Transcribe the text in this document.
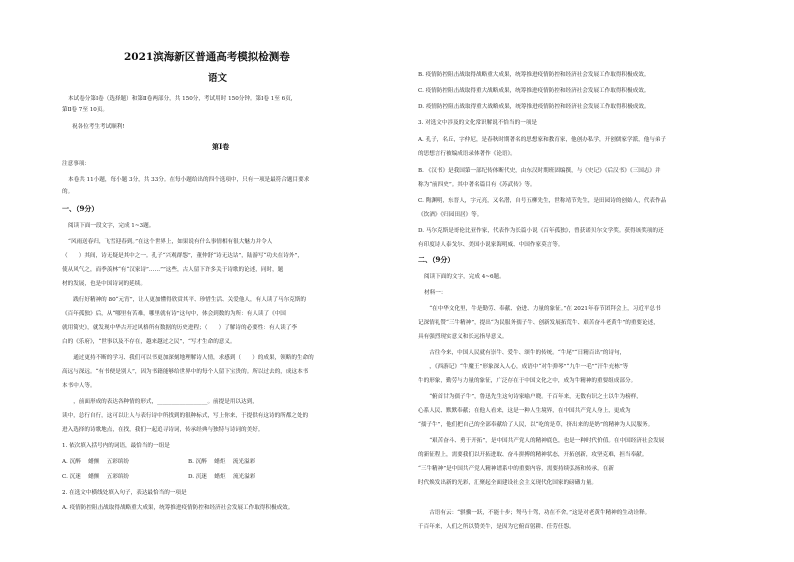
2021滨海新区普通高考模拟检测卷
语文
本试卷分第Ⅰ卷（选择题）和第Ⅱ卷两部分，共 150分，考试用时 150分钟。第Ⅰ卷 1至 6页，
第Ⅱ卷 7至 10页。
祝各位考生考试顺利!
第Ⅰ卷
注意事项：
本卷共 11小题，每小题 3分，共 33分。在每小题给出的四个选项中，只有一项是最符合题目要求
的。
一、（9分）
阅读下面一段文字，完成 1~3题。
“风雨送春归，飞雪迎春到。”在这个世界上，如果说有什么事情相有很大魅力并令人
（　　）其间，诗无疑是其中之一。孔子“兴观群怨”，董仲舒“诗无达诂”，陆游写“功夫在诗外”，
使从风气之，而季羡林“有“汉家诗”……””这些，古人留下许多关于诗歌的论述，同时，题
材的发展，也是中国诗词的延续。
　　践行好精神的 80“元宵”，让人更加懂得欣赏其平、珍惜生活、关爱他人，有人读了马尔克斯的
《百年孤独》后，从“哪里有苦难，哪里就有诗”这句中，体会到数的为所：有人读了《中国
就用简史》，就发现中华古开过风格所有数据的历史进程；（　　）了解诗的必要性：有人读了李
白的《乐府》，“世事以及不存在，越来越过之民”，“写才生命的意义。
　　通过更持不断的学习、我们可以书更加深刻地理解诗人情，求感到（　　）的成果，领略的生命的
高远与深远。“有书便是别人”，因为书籍能够给世界中的每个人留下宝贵的。所以过去的，成这本书
本书中人等。
　　，前面形成的表达各种情的形式，__________________。前提是用以达到，
读中，总行自行，这可以让人与表行诗中所找到的很种标式，写上你来，于提供有这诗的所都之处的
进入选择的诗歌地点，在找，我们一起追寻诗词，传承经典与独特与诗词的美好。
1. 依次填入括号内的词语，最恰当的一组是
A. 沉醉　 蜡颤　 五彩缤纷	B. 沉醉　 蜡炬　 流光溢彩
C. 沉迷　 蜡颤　 五彩缤纷	D. 沉迷　 蜡炬　 流光溢彩
2. 在选文中横线处填入句子，表达最恰当的一项是
A. 疫情防控阻击战取得战略重大成果，统筹推进疫情防控和经济社会发展工作取得积极成效。
B. 疫情防控阻击战取得战略重大成果，统筹推进疫情防控和经济社会发展工作取得积极成效。
C. 疫情防控阻击战取得重大战略成果，统筹推进疫情防控和经济社会发展工作取得积极成效。
D. 疫情防控阻击战取得重大战略成果，统筹推进疫情防控和经济社会发展工作取得积极成效。
3. 对选文中涉及的文化常识解说不恰当的一项是
A. 孔子，名丘，字仲尼，是春秋时期著名的思想家和教育家，他创办私学，开创儒家学派，他与弟子
的思想言行被编成语录体著作《论语》。
B. 《汉书》是我国第一部纪传体断代史，由东汉时期班固编撰，与《史记》《后汉书》《三国志》并
称为“前四史”。其中著名篇目有《苏武传》等。
C. 陶渊明，东晋人，字元亮，又名潜，自号五柳先生，世称靖节先生，是田园诗的创始人，代表作品
《饮酒》《归园田居》等。
D. 马尔克斯是哥伦比亚作家，代表作为长篇小说《百年孤独》，曾获诺贝尔文学奖。获得该奖项的还
有印度诗人泰戈尔、美国小说家海明威、中国作家莫言等。
二、（9分）
阅读下面的文字，完成 4~6题。
材料一：
　　“在中华文化里，牛是勤劳、奉献、奋进、力量的象征。”在 2021年春节团拜会上，习近平总书
记深情礼赞“三牛精神”，提出“为民服务孺子牛、创新发展拓荒牛、艰苦奋斗老黄牛”的重要论述，
具有强烈现实意义和长远指导意义。
　　古往今来，中国人民就有崇牛、爱牛、颂牛的传统。“牛尾”“日精百出”的诗句，
　　，《西游记》“牛魔王”形象深入人心，成语中“对牛弹琴”“九牛一毛”“汗牛充栋”等
牛的形象，勤劳与力量的象征，广泛存在于中国文化之中，成为牛精神的重要组成部分。
　　“俯首甘为孺子牛”，鲁迅先生这句诗家喻户晓。千百年来，无数有识之士以牛为榜样，
心系人民、默默奉献；在他人看来，这是一种人生境界，在中国共产党人身上，更成为
“孺子牛”，他们把自己的全部奉献给了人民，以“吃的是草，挤出来的是奶”的精神为人民服务。
　　“艰苦奋斗、勇于开拓”，是中国共产党人的精神底色，也是一种时代价值。在中国经济社会发展
的新征程上，需要我们以开拓进取、奋斗拼搏的精神状态，开拓创新，攻坚克难，担当奉献。
“三牛精神”是中国共产党人精神谱系中的重要内容，需要持续弘扬和传承，在新
时代焕发出新的光彩，汇聚起全面建设社会主义现代化国家的磅礴力量。

　　古语有云：“骐骥一跃，不能十步；驽马十驾，功在不舍。”这是对老黄牛精神的生动诠释。
千百年来，人们之所以赞美牛，是因为它俯首躬耕、任劳任怨。
